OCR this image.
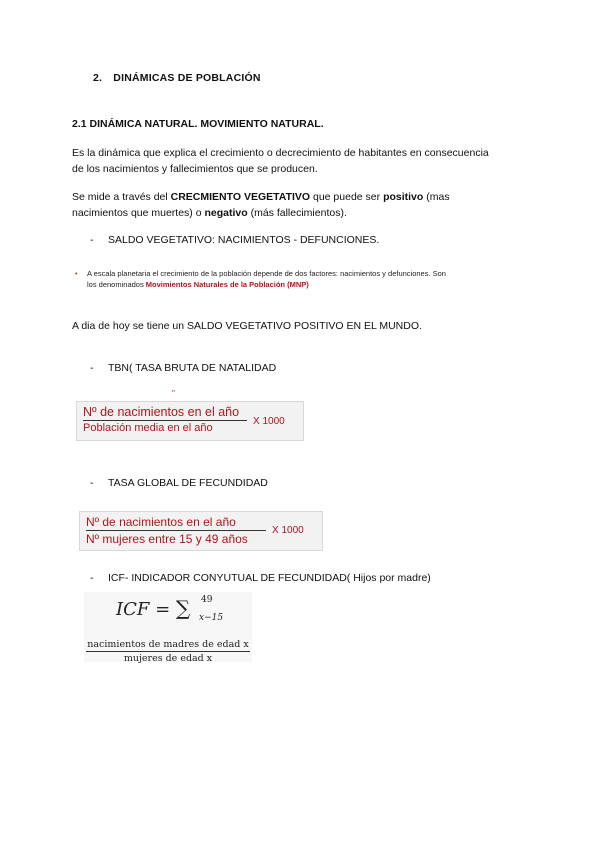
2. DINÁMICAS DE POBLACIÓN
2.1 DINÁMICA NATURAL. MOVIMIENTO NATURAL.
Es la dinámica que explica el crecimiento o decrecimiento de habitantes en consecuencia
de los nacimientos y fallecimientos que se producen.
Se mide a través del CRECMIENTO VEGETATIVO que puede ser positivo (mas
nacimientos que muertes) o negativo (más fallecimientos).
- SALDO VEGETATIVO: NACIMIENTOS - DEFUNCIONES.
• A escala planetaria el crecimiento de la población depende de dos factores: nacimientos y defunciones. Son
los denominados Movimientos Naturales de la Población (MNP)
A dia de hoy se tiene un SALDO VEGETATIVO POSITIVO EN EL MUNDO.
- TBN( TASA BRUTA DE NATALIDAD
"
Nº de nacimientos en el año
Población media en el año
X 1000
- TASA GLOBAL DE FECUNDIDAD
Nº de nacimientos en el año
Nº mujeres entre 15 y 49 años
X 1000
- ICF- INDICADOR CONYUTUAL DE FECUNDIDAD( Hijos por madre)
ICF = ∑ 49
x−15
nacimientos de madres de edad x
mujeres de edad x
